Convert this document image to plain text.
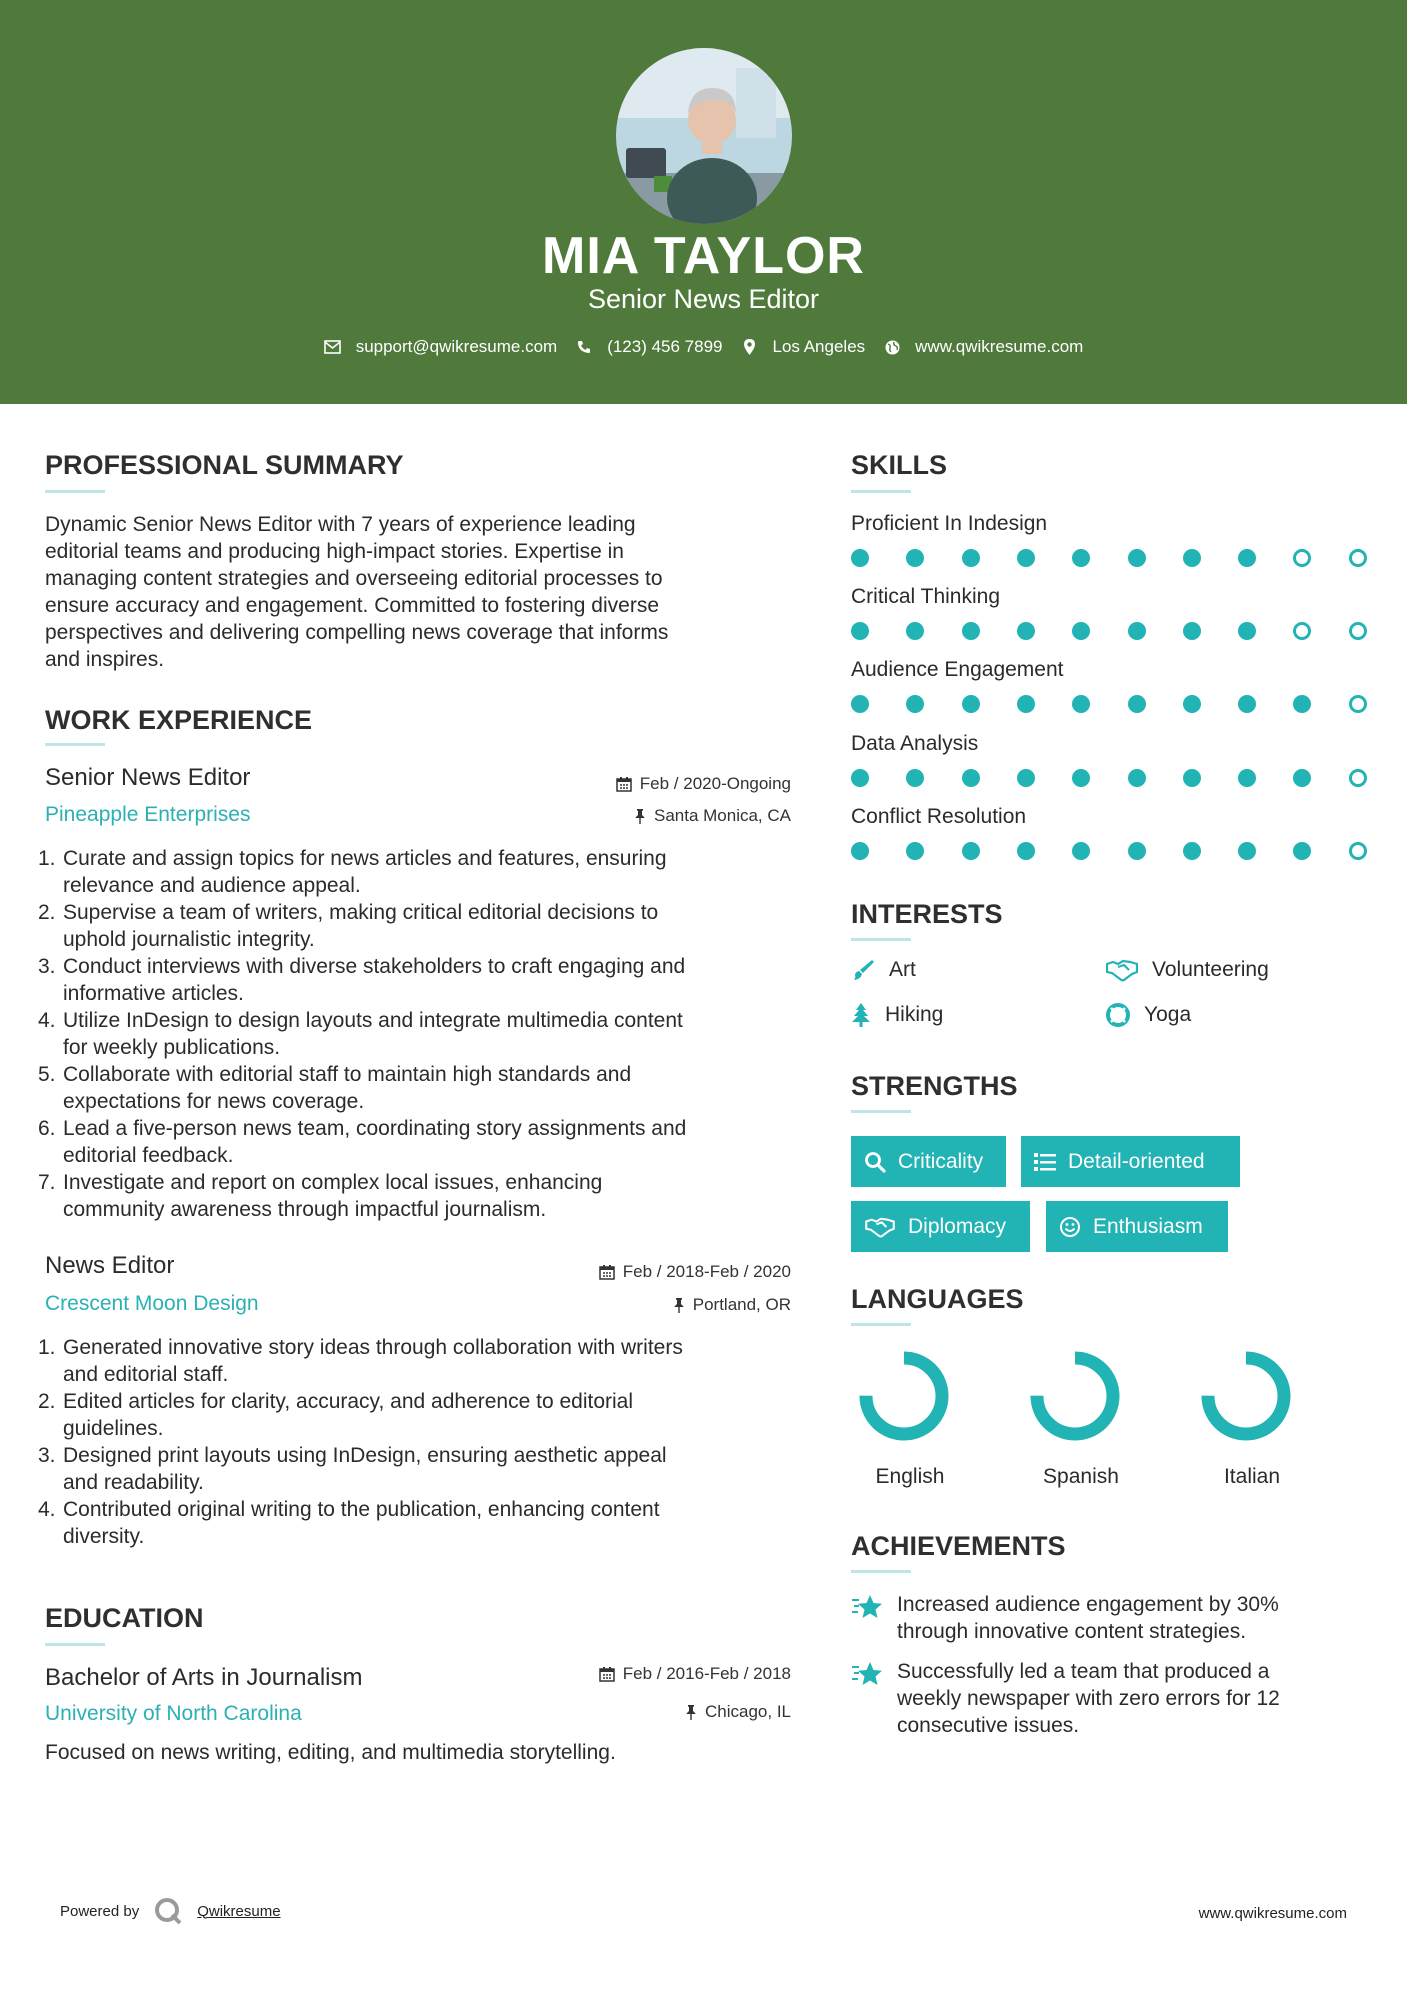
MIA TAYLOR
Senior News Editor
support@qwikresume.com	(123) 456 7899	Los Angeles	www.qwikresume.com
PROFESSIONAL SUMMARY
Dynamic Senior News Editor with 7 years of experience leading
editorial teams and producing high-impact stories. Expertise in
managing content strategies and overseeing editorial processes to
ensure accuracy and engagement. Committed to fostering diverse
perspectives and delivering compelling news coverage that informs
and inspires.
WORK EXPERIENCE
Senior News Editor	Feb / 2020-Ongoing
Pineapple Enterprises	Santa Monica, CA
1. Curate and assign topics for news articles and features, ensuring
relevance and audience appeal.
2. Supervise a team of writers, making critical editorial decisions to
uphold journalistic integrity.
3. Conduct interviews with diverse stakeholders to craft engaging and
informative articles.
4. Utilize InDesign to design layouts and integrate multimedia content
for weekly publications.
5. Collaborate with editorial staff to maintain high standards and
expectations for news coverage.
6. Lead a five-person news team, coordinating story assignments and
editorial feedback.
7. Investigate and report on complex local issues, enhancing
community awareness through impactful journalism.
News Editor	Feb / 2018-Feb / 2020
Crescent Moon Design	Portland, OR
1. Generated innovative story ideas through collaboration with writers
and editorial staff.
2. Edited articles for clarity, accuracy, and adherence to editorial
guidelines.
3. Designed print layouts using InDesign, ensuring aesthetic appeal
and readability.
4. Contributed original writing to the publication, enhancing content
diversity.
EDUCATION
Bachelor of Arts in Journalism	Feb / 2016-Feb / 2018
University of North Carolina	Chicago, IL
Focused on news writing, editing, and multimedia storytelling.
SKILLS
Proficient In Indesign
Critical Thinking
Audience Engagement
Data Analysis
Conflict Resolution
INTERESTS
Art	Volunteering
Hiking	Yoga
STRENGTHS
Criticality	Detail-oriented
Diplomacy	Enthusiasm
LANGUAGES
English	Spanish	Italian
ACHIEVEMENTS
Increased audience engagement by 30%
through innovative content strategies.
Successfully led a team that produced a
weekly newspaper with zero errors for 12
consecutive issues.
Powered by	Qwikresume	www.qwikresume.com
